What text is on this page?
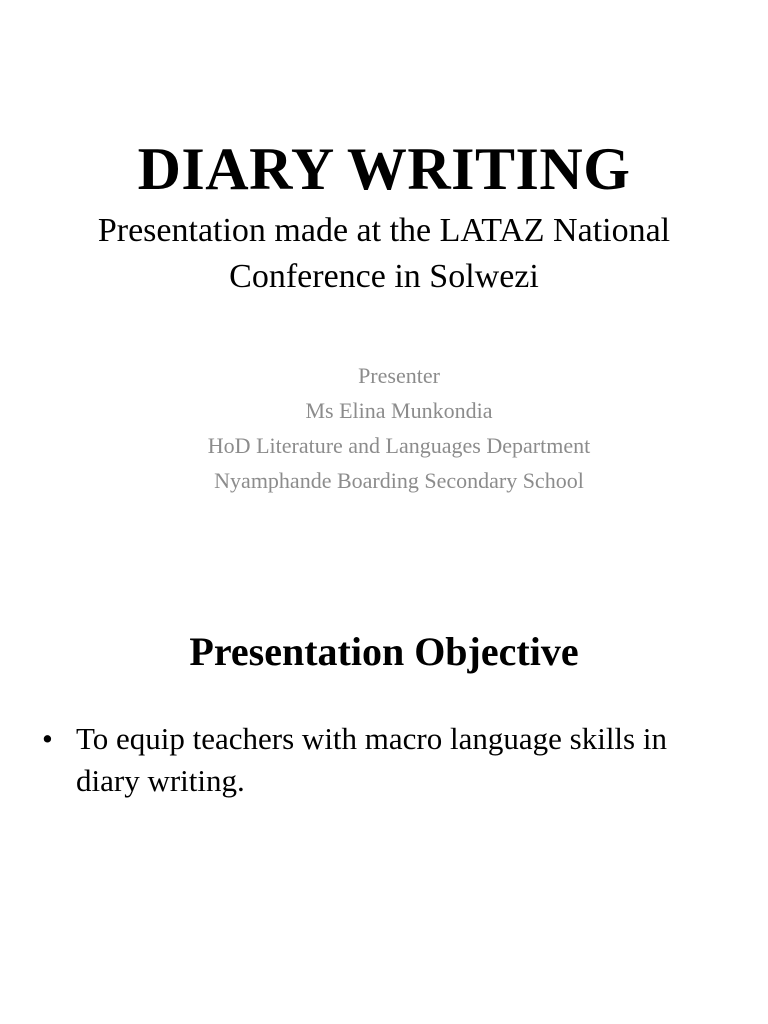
DIARY WRITING

Presentation made at the LATAZ National Conference in Solwezi

Presenter
Ms Elina Munkondia
HoD Literature and Languages Department
Nyamphande Boarding Secondary School
Presentation Objective
• To equip teachers with macro language skills in diary writing.
